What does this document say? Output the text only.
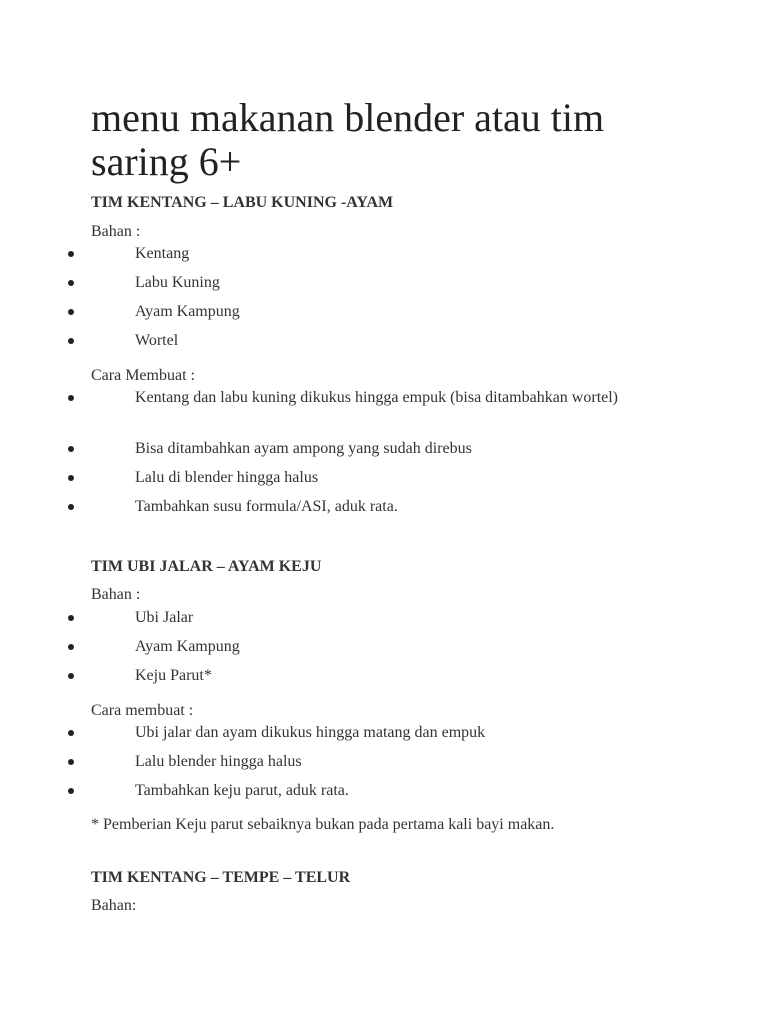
menu makanan blender atau tim saring 6+
TIM KENTANG – LABU KUNING -AYAM

Bahan :

Kentang
Labu Kuning
Ayam Kampung
Wortel

Cara Membuat :

Kentang dan labu kuning dikukus hingga empuk (bisa ditambahkan wortel)
Bisa ditambahkan ayam ampong yang sudah direbus
Lalu di blender hingga halus
Tambahkan susu formula/ASI, aduk rata.
TIM UBI JALAR – AYAM KEJU

Bahan :

Ubi Jalar
Ayam Kampung
Keju Parut*

Cara membuat :

Ubi jalar dan ayam dikukus hingga matang dan empuk
Lalu blender hingga halus
Tambahkan keju parut, aduk rata.

* Pemberian Keju parut sebaiknya bukan pada pertama kali bayi makan.

TIM KENTANG – TEMPE – TELUR

Bahan:
